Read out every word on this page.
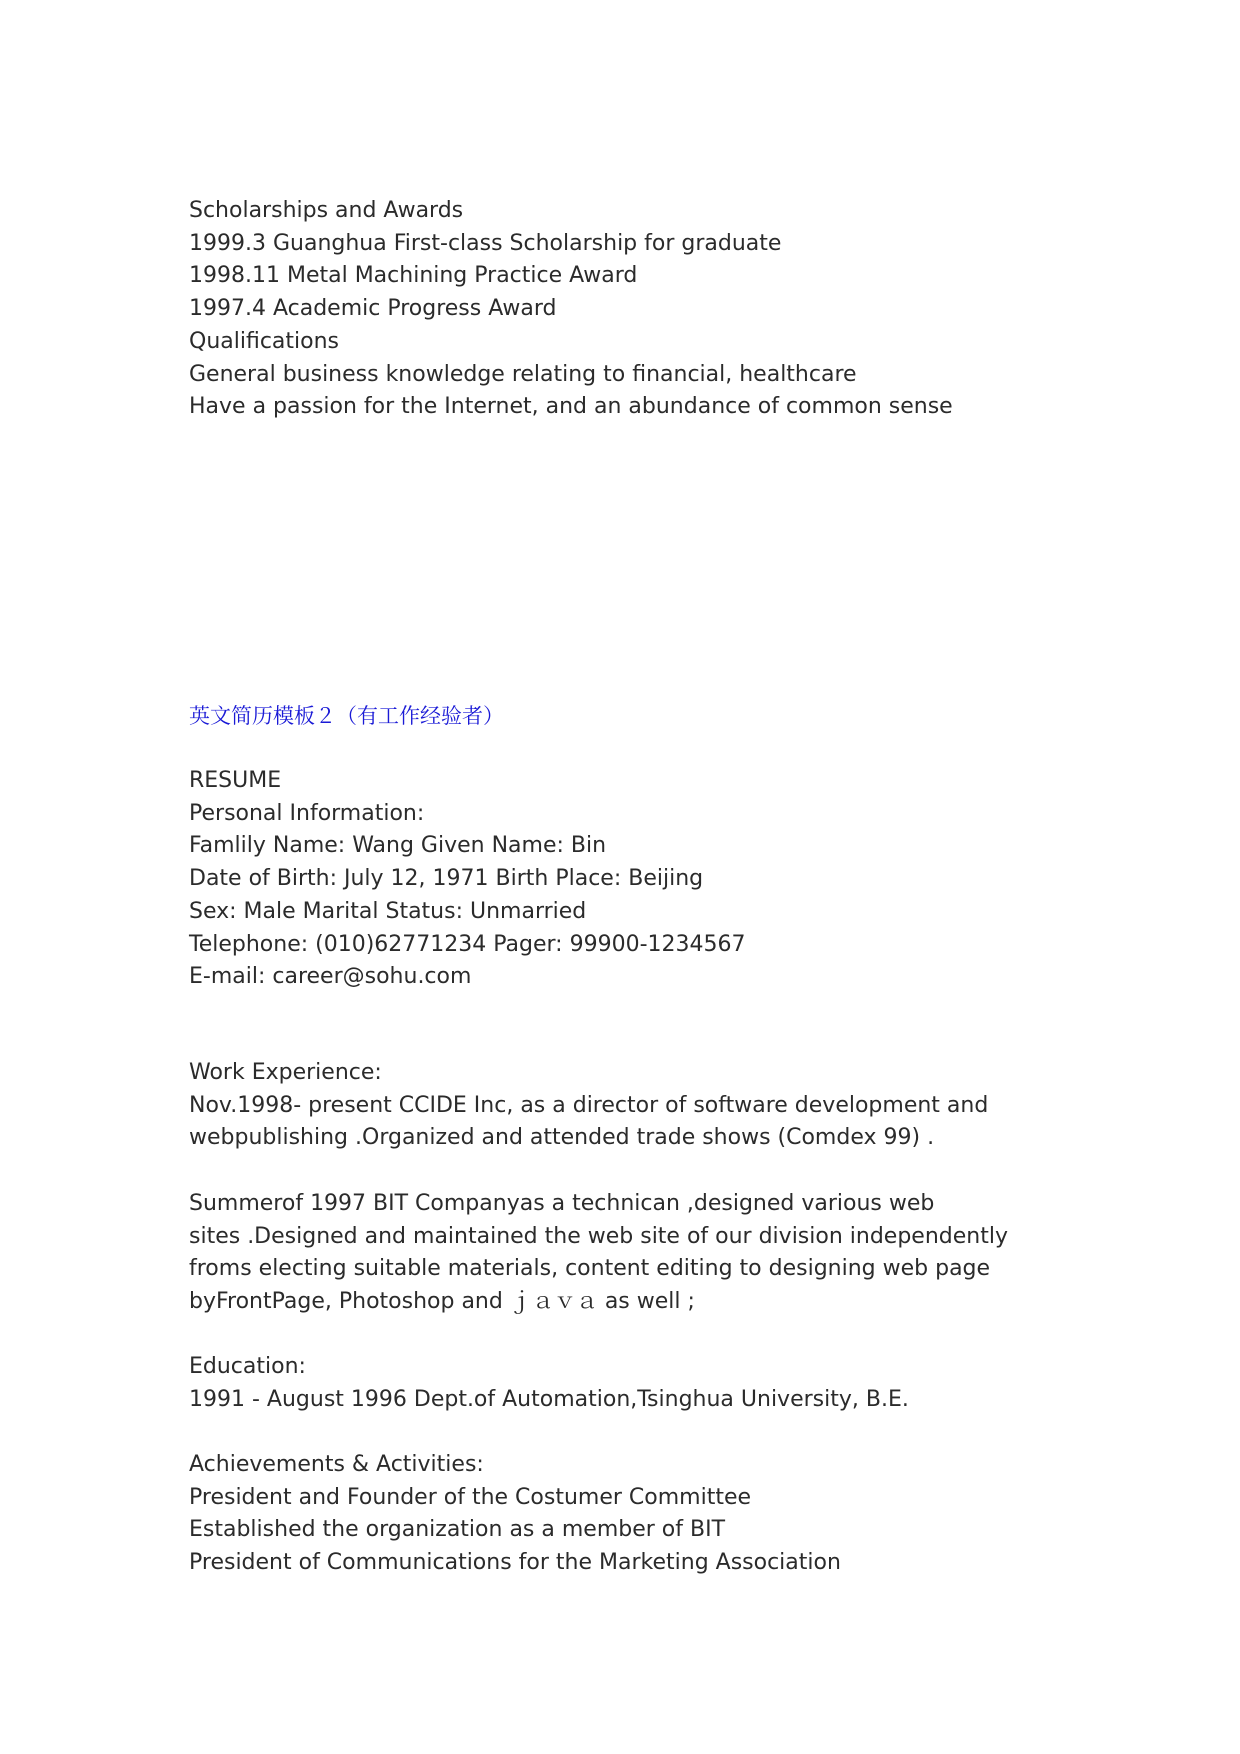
Scholarships and Awards
1999.3 Guanghua First-class Scholarship for graduate
1998.11 Metal Machining Practice Award
1997.4 Academic Progress Award
Qualifications
General business knowledge relating to financial, healthcare
Have a passion for the Internet, and an abundance of common sense
英文简历模板２（有工作经验者）
RESUME
Personal Information:
Famlily Name: Wang Given Name: Bin
Date of Birth: July 12, 1971 Birth Place: Beijing
Sex: Male Marital Status: Unmarried
Telephone: (010)62771234 Pager: 99900-1234567
E-mail: career@sohu.com
Work Experience:
Nov.1998- present CCIDE Inc, as a director of software development and
webpublishing .Organized and attended trade shows (Comdex 99) .
Summerof 1997 BIT Companyas a technican ,designed various web
sites .Designed and maintained the web site of our division independently
froms electing suitable materials, content editing to designing web page
byFrontPage, Photoshop and ｊａｖａ as well ;
Education:
1991 - August 1996 Dept.of Automation,Tsinghua University, B.E.
Achievements & Activities:
President and Founder of the Costumer Committee
Established the organization as a member of BIT
President of Communications for the Marketing Association
